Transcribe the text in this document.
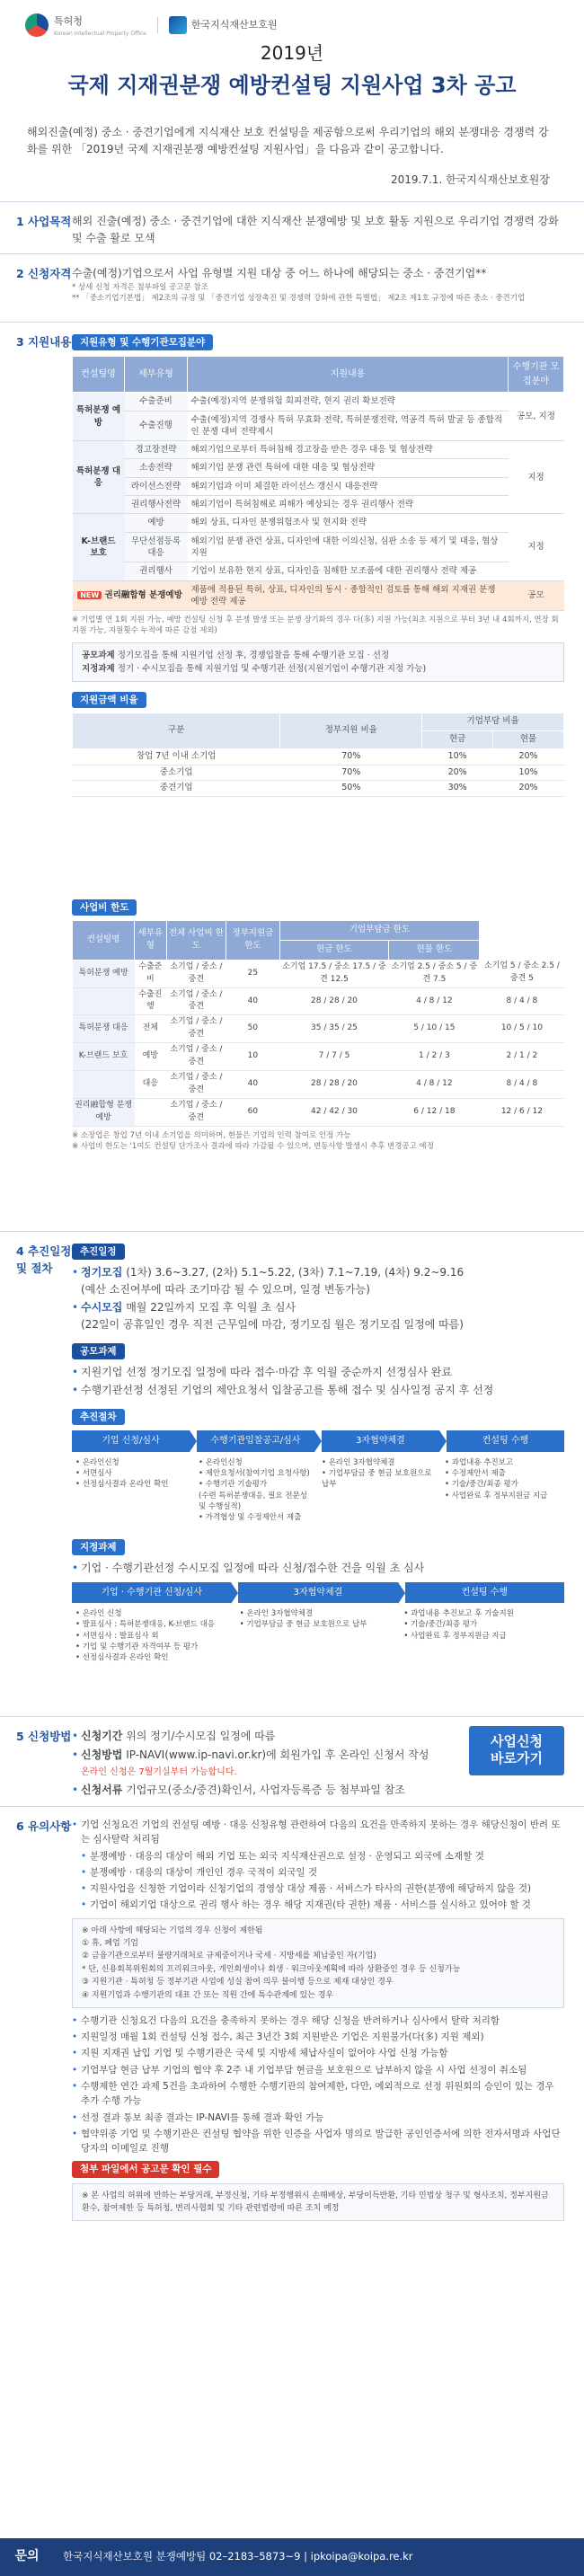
특허청
Korean Intellectual Property Office
한국지식재산보호원
2019년
국제 지재권분쟁 예방컨설팅 지원사업 3차 공고
해외진출(예정) 중소 · 중견기업에게 지식재산 보호 컨설팅을 제공함으로써 우리기업의 해외 분쟁대응 경쟁력 강화를 위한 「2019년 국제 지재권분쟁 예방컨설팅 지원사업」을 다음과 같이 공고합니다.
2019.7.1. 한국지식재산보호원장
1 사업목적 해외 진출(예정) 중소 · 중견기업에 대한 지식재산 분쟁예방 및 보호 활동 지원으로 우리기업 경쟁력 강화 및 수출 활로 모색
2 신청자격 수출(예정)기업으로서 사업 유형별 지원 대상 중 어느 하나에 해당되는 중소 · 중견기업**
* 상세 신청 자격은 첨부파일 공고문 참조
** 「중소기업기본법」 제2조의 규정 및 「중견기업 성장촉진 및 경쟁력 강화에 관한 특별법」 제2조 제1호 규정에 따른 중소 · 중견기업
3 지원내용 지원유형 및 수행기관모집분야
컨설팅명	세부유형	지원내용	수행기관 모집분야
특허분쟁 예방	수출준비	수출(예정)지역 분쟁위험 회피전략, 현지 권리 확보전략	공모, 지정
	수출진행	수출(예정)지역 경쟁사 특허 무효화 전략, 특허분쟁전략, 역공격 특허 발굴 등 종합적인 분쟁 대비 전략제시	
특허분쟁 대응	경고장전략	해외기업으로부터 특허침해 경고장을 받은 경우 대응 및 협상전략	지정
	소송전략	해외기업 분쟁 관련 특허에 대한 대응 및 협상전략	
	라이선스전략	해외기업과 이미 체결한 라이선스 갱신시 대응전략	
	권리행사전략	해외기업이 특허침해로 피해가 예상되는 경우 권리행사 전략	
K-브랜드 보호	예방	해외 상표, 디자인 분쟁위험조사 및 현지화 전략	지정
	무단선점등록 대응	해외기업 분쟁 관련 상표, 디자인에 대한 이의신청, 심판 소송 등 제기 및 대응, 협상 지원	
	권리행사	기업이 보유한 현지 상표, 디자인을 침해한 모조품에 대한 권리행사 전략 제공	
NEW 권리融합형 분쟁예방		제품에 적용된 특허, 상표, 디자인의 동시 · 종합적인 검토를 통해 해외 지재권 분쟁 예방 전략 제공	공모
※ 기업별 연 1회 지원 가능, 예방 컨설팅 신청 후 분쟁 발생 또는 분쟁 장기화의 경우 다(多) 지원 가능(최초 지원으로 부터 3년 내 4회까지, 연장 회 지원 가능, 지원횟수 누적에 따른 감점 제외)
공모과제 정기모집을 통해 지원기업 선정 후, 경쟁입찰을 통해 수행기관 모집 · 선정
지정과제 정기 · 수시모집을 통해 지원기업 및 수행기관 선정(지원기업이 수행기관 지정 가능)
지원금액 비율
구분	정부지원 비율	기업부담 비율	
		현금	현물
창업 7년 이내 소기업	70%	10%	20%
중소기업	70%	20%	10%
중견기업	50%	30%	20%
사업비 한도
컨설팅명	세부유형	전체 사업비 한도	정부지원금 한도	기업부담금 한도		
				현금 한도	현물 한도	
특허분쟁 예방	수출준비	소기업 / 중소 / 중견	25	소기업 17.5 / 중소 17.5 / 중견 12.5	소기업 2.5 / 중소 5 / 중견 7.5	소기업 5 / 중소 2.5 / 중견 5
	수출진행	소기업 / 중소 / 중견	40	28 / 28 / 20	4 / 8 / 12	8 / 4 / 8
특허분쟁 대응	전체	소기업 / 중소 / 중견	50	35 / 35 / 25	5 / 10 / 15	10 / 5 / 10
K-브랜드 보호	예방	소기업 / 중소 / 중견	10	7 / 7 / 5	1 / 2 / 3	2 / 1 / 2
	대응	소기업 / 중소 / 중견	40	28 / 28 / 20	4 / 8 / 12	8 / 4 / 8
권리融합형 분쟁예방		소기업 / 중소 / 중견	60	42 / 42 / 30	6 / 12 / 18	12 / 6 / 12
※ 소장업은 창업 7년 이내 소기업을 의미하며, 현물은 기업의 인력 참여로 인정 가능
※ 사업비 한도는 '1여도 컨설팅 단가조사 결과에 따라 가감될 수 있으며, 변동사항 발생시 추후 변경공고 예정
4 추진일정 및 절차
추진일정
• 정기모집 (1차) 3.6~3.27, (2차) 5.1~5.22, (3차) 7.1~7.19, (4차) 9.2~9.16
(예산 소진여부에 따라 조기마감 될 수 있으며, 일정 변동가능)
• 수시모집 매월 22일까지 모집 후 익월 초 심사
(22일이 공휴일인 경우 직전 근무일에 마감, 정기모집 월은 정기모집 일정에 따름)
공모과제
• 지원기업 선정 정기모집 일정에 따라 접수·마감 후 익월 중순까지 선정심사 완료
• 수행기관선정 선정된 기업의 제안요청서 입찰공고를 통해 접수 및 심사일정 공지 후 선정
추진절차
기업 신청/심사	수행기관입찰공고/심사	3자협약체결	컨설팅 수행
• 온라인신청
• 서면심사
• 선정심사결과 온라인 확인
• 온라인신청
• 제안요청서(참여기업 요청사항)
• 수행기관 기술평가
(수련 특허분쟁대응, 필요 전문성 및 수행실적)
• 가격협상 및 수정제안서 제출
• 온라인 3자협약체결
• 기업부담금 중 현금 보호원으로 납부
• 과업내용 추진보고
• 수정제안서 제출
• 기술/중간/최종 평가
• 사업완료 후 정부지원금 지급
지정과제
• 기업 · 수행기관선정 수시모집 일정에 따라 신청/접수한 건을 익월 초 심사
기업 · 수행기관 신청/심사	3자협약체결	컨설팅 수행
• 온라인 신청
• 발표심사 : 특허분쟁대응, K-브랜드 대응
• 서면심사 : 발표심사 외
• 기업 및 수행기관 자격여부 등 평가
• 선정심사결과 온라인 확인
• 온라인 3자협약체결
• 기업부담금 중 현금 보호원으로 납부
• 과업내용 추진보고 후 기술지원
• 기술/중간/최종 평가
• 사업완료 후 정부지원금 지급
5 신청방법 • 신청기간 위의 정기/수시모집 일정에 따름
• 신청방법 IP-NAVI(www.ip-navi.or.kr)에 회원가입 후 온라인 신청서 작성
온라인 신청은 7월기실부터 가능합니다.
• 신청서류 기업규모(중소/중견)확인서, 사업자등록증 등 첨부파일 참조
사업신청
바로가기
6 유의사항	• 기업 신청요건 기업의 컨설팅 예방 · 대응 신청유형 관련하여 다음의 요건을 만족하지 못하는 경우 해당신청이 반려 또는 심사탈락 처리됨
• 분쟁예방 · 대응의 대상이 해외 기업 또는 외국 지식재산권으로 설정 · 운영되고 외국에 소재할 것
• 분쟁예방 · 대응의 대상이 개인인 경우 국적이 외국일 것
• 지원사업을 신청한 기업이라 신청기업의 경영상 대상 제품 · 서비스가 타사의 권한(분쟁에 해당하지 않을 것)
• 기업이 해외기업 대상으로 권리 행사 하는 경우 해당 지재권(타 권한) 제품 · 서비스를 실시하고 있어야 할 것
※ 아래 사항에 해당되는 기업의 경우 신청이 제한됨
① 휴, 폐업 기업
② 금융기관으로부터 불량거래처로 규제중이거나 국세 · 지방세를 체납중인 자(기업)
* 단, 신용회복위원회의 프리워크아웃, 개인회생이나 회생 · 워크아웃계획에 따라 상환중인 경우 등 신청가능
③ 지원기관 · 특허청 등 정부기관 사업에 성실 참여 의무 불이행 등으로 제재 대상인 경우
④ 지원기업과 수행기관의 대표 간 또는 직원 간에 특수관계에 있는 경우
• 수행기관 신청요건 다음의 요건을 충족하지 못하는 경우 해당 신청을 반려하거나 심사에서 탈락 처리함
• 지원일정 매월 1회 컨설팅 신청 접수, 최근 3년간 3회 지원받은 기업은 지원불가(다(多) 지원 제외)
• 지원 지재권 납입 기업 및 수행기관은 국세 및 지방세 체납사실이 없어야 사업 신청 가능함
• 기업부담 현금 납부 기업의 협약 후 2주 내 기업부담 현금을 보호원으로 납부하지 않을 시 사업 선정이 취소됨
• 수행제한 연간 과제 5건을 초과하여 수행한 수행기관의 참여제한, 다만, 예외적으로 선정 위원회의 승인이 있는 경우 추가 수행 가능
• 선정 결과 통보 최종 결과는 IP-NAVI를 통해 결과 확인 가능
• 협약위종 기업 및 수행기관은 컨설팅 협약을 위한 인증을 사업자 명의로 발급한 공인인증서에 의한 전자서명과 사업단당자의 이메일로 진행
첨부 파일에서 공고문 확인 필수
※ 본 사업의 허위에 반하는 부당거래, 부정신청, 기타 부정행위시 손해배상, 부당이득반환, 기타 민법상 청구 및 형사조치, 정부지원금 환수, 참여제한 등 특허청, 변리사협회 및 기타 관련법령에 따른 조치 예정
문의	한국지식재산보호원 분쟁예방팀 02–2183–5873~9 | ipkoipa@koipa.re.kr
